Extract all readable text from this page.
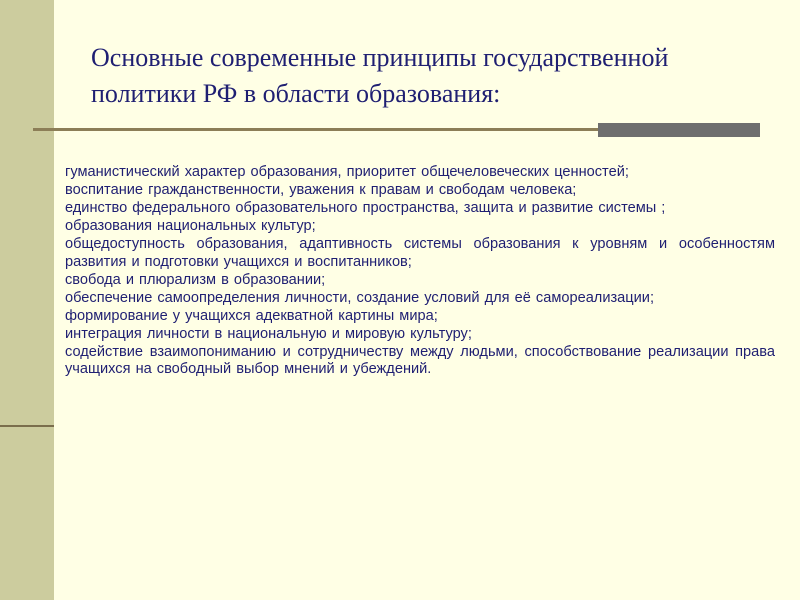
Основные современные принципы государственной
политики РФ в области образования:
гуманистический характер образования, приоритет общечеловеческих ценностей;
воспитание гражданственности, уважения к правам и свободам человека;
единство федерального образовательного пространства, защита и развитие системы ;
образования национальных культур;
общедоступность образования, адаптивность системы образования к уровням и особенностям развития и подготовки учащихся и воспитанников;
свобода и плюрализм в образовании;
обеспечение самоопределения личности, создание условий для её самореализации;
формирование у учащихся адекватной картины мира;
интеграция личности в национальную и мировую культуру;
содействие взаимопониманию и сотрудничеству между людьми, способствование реализации права учащихся на свободный выбор мнений и убеждений.
